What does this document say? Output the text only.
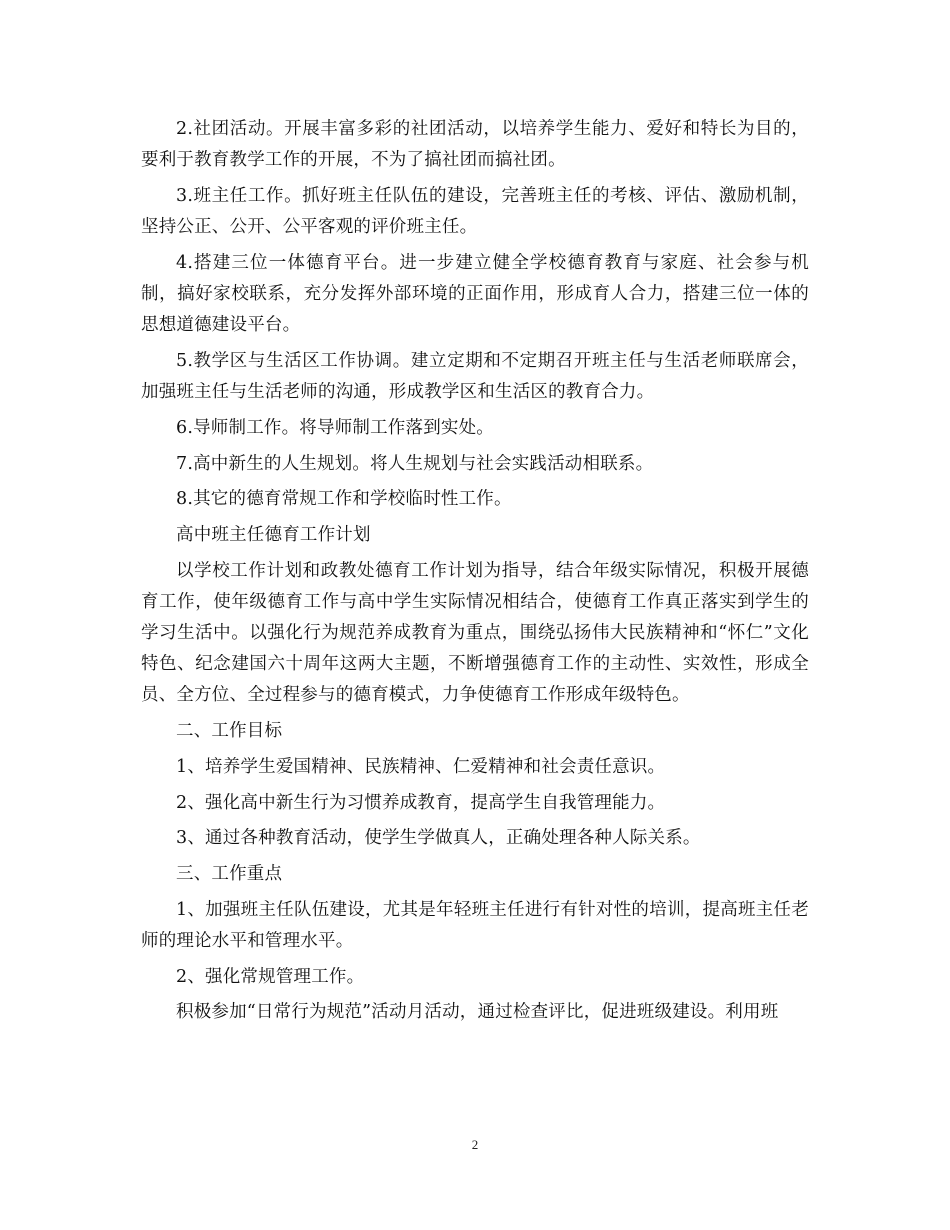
2.社团活动。开展丰富多彩的社团活动，以培养学生能力、爱好和特长为目的，要利于教育教学工作的开展，不为了搞社团而搞社团。

3.班主任工作。抓好班主任队伍的建设，完善班主任的考核、评估、激励机制，坚持公正、公开、公平客观的评价班主任。

4.搭建三位一体德育平台。进一步建立健全学校德育教育与家庭、社会参与机制，搞好家校联系，充分发挥外部环境的正面作用，形成育人合力，搭建三位一体的思想道德建设平台。

5.教学区与生活区工作协调。建立定期和不定期召开班主任与生活老师联席会，加强班主任与生活老师的沟通，形成教学区和生活区的教育合力。

6.导师制工作。将导师制工作落到实处。

7.高中新生的人生规划。将人生规划与社会实践活动相联系。

8.其它的德育常规工作和学校临时性工作。

高中班主任德育工作计划

以学校工作计划和政教处德育工作计划为指导，结合年级实际情况，积极开展德育工作，使年级德育工作与高中学生实际情况相结合，使德育工作真正落实到学生的学习生活中。以强化行为规范养成教育为重点，围绕弘扬伟大民族精神和“怀仁”文化特色、纪念建国六十周年这两大主题，不断增强德育工作的主动性、实效性，形成全员、全方位、全过程参与的德育模式，力争使德育工作形成年级特色。

二、工作目标

1、培养学生爱国精神、民族精神、仁爱精神和社会责任意识。

2、强化高中新生行为习惯养成教育，提高学生自我管理能力。

3、通过各种教育活动，使学生学做真人，正确处理各种人际关系。

三、工作重点

1、加强班主任队伍建设，尤其是年轻班主任进行有针对性的培训，提高班主任老师的理论水平和管理水平。

2、强化常规管理工作。

积极参加“日常行为规范”活动月活动，通过检查评比，促进班级建设。利用班

2
